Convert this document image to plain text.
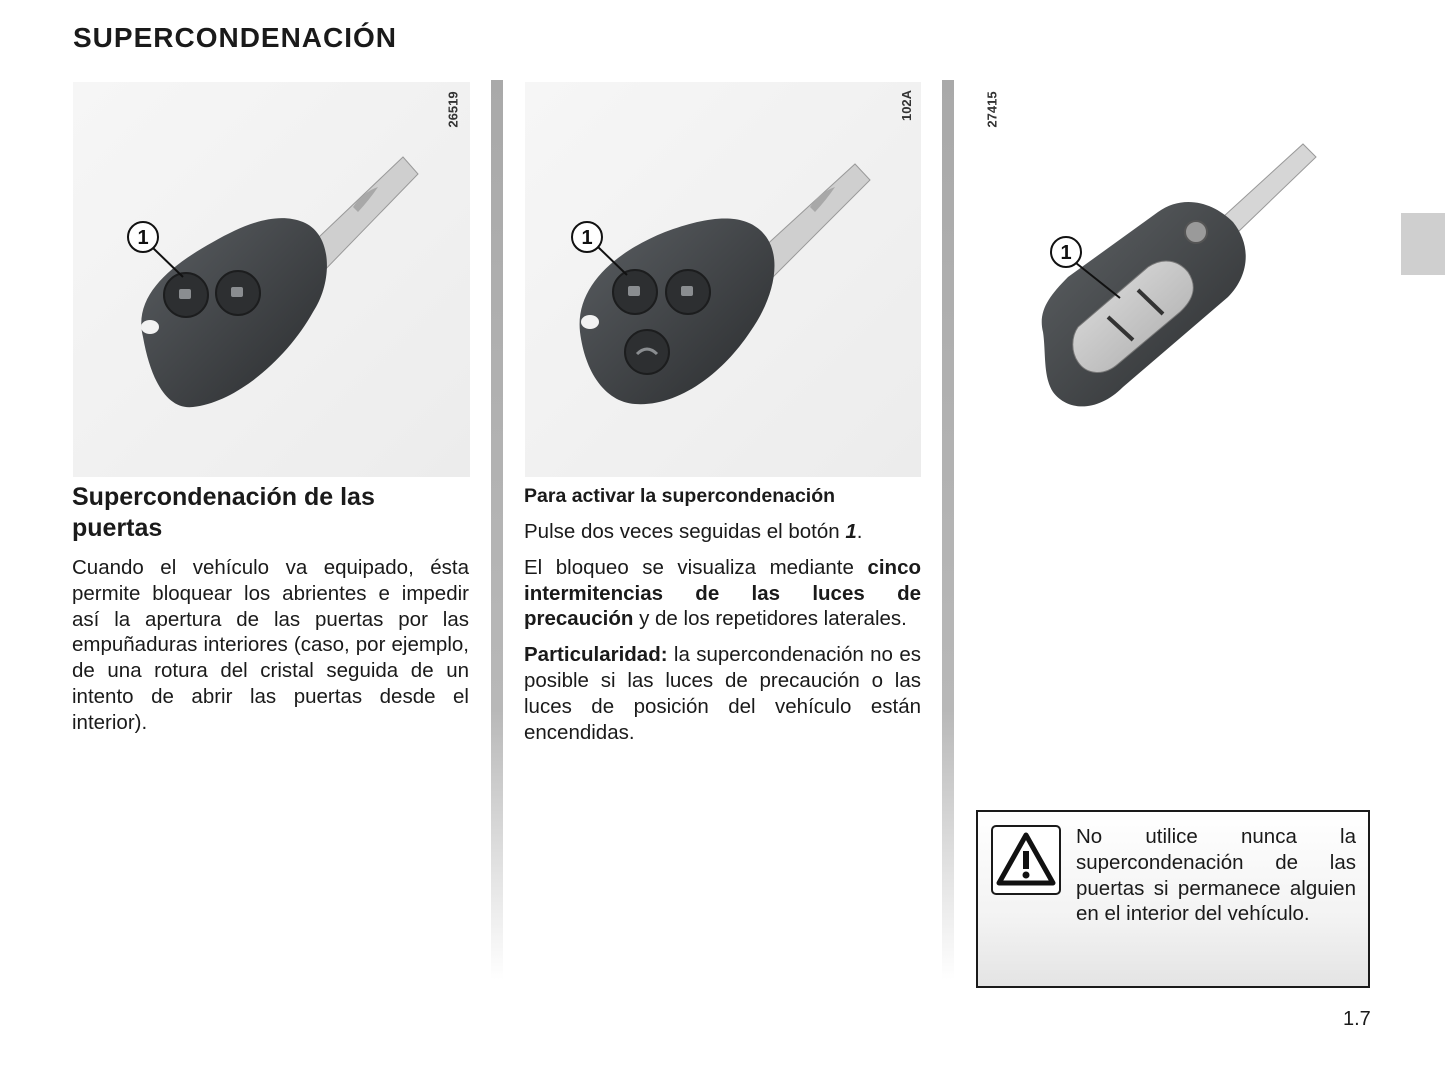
SUPERCONDENACIÓN
1
26519
1
102A
1
27415
Supercondenación de las puertas

Cuando el vehículo va equipado, ésta permite bloquear los abrientes e impedir así la apertura de las puertas por las empuñaduras interiores (caso, por ejemplo, de una rotura del cristal seguida de un intento de abrir las puertas desde el interior).

Para activar la supercondenación

Pulse dos veces seguidas el botón 1.

El bloqueo se visualiza mediante cinco intermitencias de las luces de precaución y de los repetidores laterales.

Particularidad: la supercondenación no es posible si las luces de precaución o las luces de posición del vehículo están encendidas.

No utilice nunca la supercondenación de las puertas si permanece alguien en el interior del vehículo.

1.7
